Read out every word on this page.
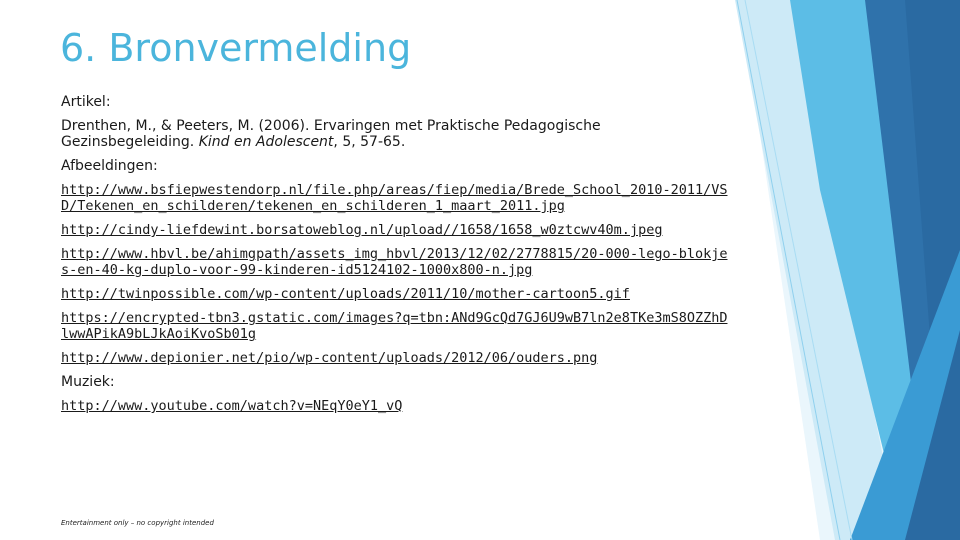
6. Bronvermelding

Artikel:

Drenthen, M., & Peeters, M. (2006). Ervaringen met Praktische Pedagogische Gezinsbegeleiding. Kind en Adolescent, 5, 57-65.

Afbeeldingen:

http://www.bsfiepwestendorp.nl/file.php/areas/fiep/media/Brede_School_2010-2011/VSD/Tekenen_en_schilderen/tekenen_en_schilderen_1_maart_2011.jpg
http://cindy-liefdewint.borsatoweblog.nl/upload//1658/1658_w0ztcwv40m.jpeg
http://www.hbvl.be/ahimgpath/assets_img_hbvl/2013/12/02/2778815/20-000-lego-blokjes-en-40-kg-duplo-voor-99-kinderen-id5124102-1000x800-n.jpg
http://twinpossible.com/wp-content/uploads/2011/10/mother-cartoon5.gif
https://encrypted-tbn3.gstatic.com/images?q=tbn:ANd9GcQd7GJ6U9wB7ln2e8TKe3mS8OZZhDlwwAPikA9bLJkAoiKvoSb01g
http://www.depionier.net/pio/wp-content/uploads/2012/06/ouders.png

Muziek:

http://www.youtube.com/watch?v=NEqY0eY1_vQ
Entertainment only – no copyright intended
